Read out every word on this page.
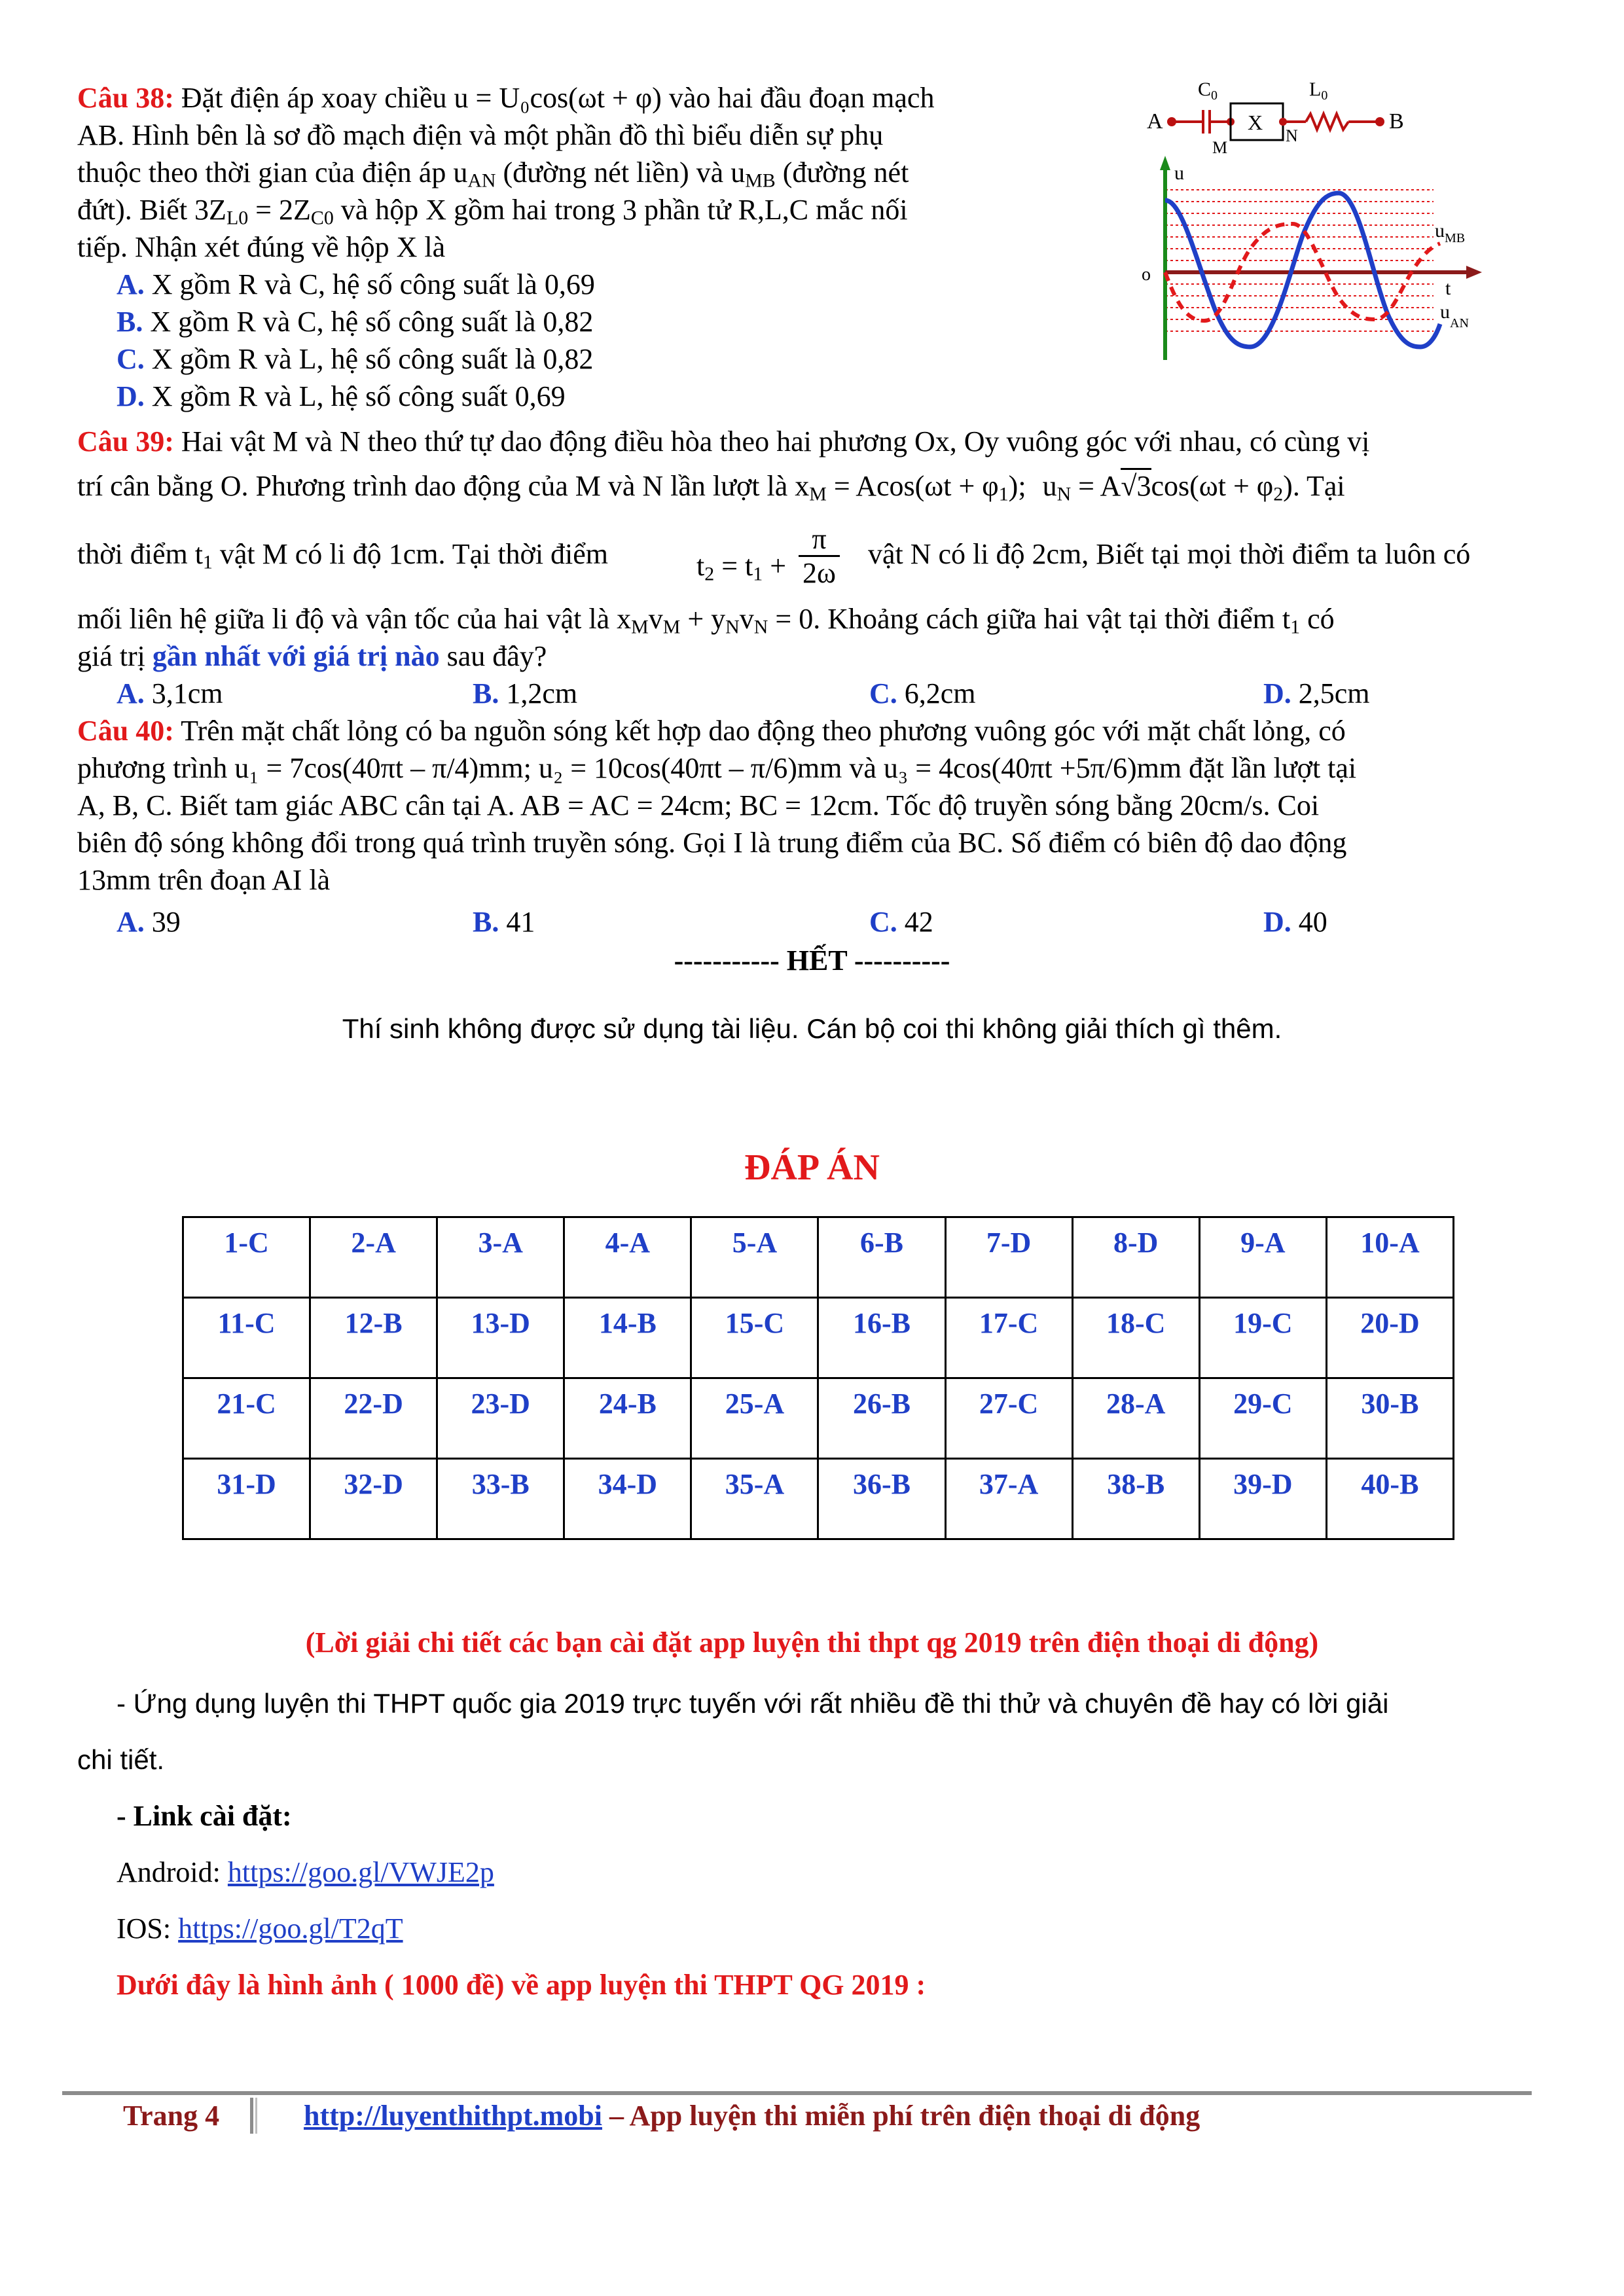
Câu 38: Đặt điện áp xoay chiều u = U₀cos(ωt + φ) vào hai đầu đoạn mạch
AB. Hình bên là sơ đồ mạch điện và một phần đồ thì biểu diễn sự phụ
thuộc theo thời gian của điện áp $u_{AN}$ (đường nét liền) và $u_{MB}$ (đường nét
đứt). Biết $3Z_{L0} = 2Z_{C0}$ và hộp X gồm hai trong 3 phần tử R,L,C mắc nối
tiếp. Nhận xét đúng về hộp X là
A. X gồm R và C, hệ số công suất là 0,69
B. X gồm R và C, hệ số công suất là 0,82
C. X gồm R và L, hệ số công suất là 0,82
D. X gồm R và L, hệ số công suất 0,69
A	B
$C_0$	$L_0$
X
M
N
u
t
o
$u_{MB}$
$u_{AN}$
Câu 39: Hai vật M và N theo thứ tự dao động điều hòa theo hai phương Ox, Oy vuông góc với nhau, có cùng vị
trí cân bằng O. Phương trình dao động của M và N lần lượt là $x_M = Acos(\omega t + \varphi_1)$; $u_N = A√3\cos(\omega t + \varphi_2)$. Tại
thời điểm $t_1$ vật M có li độ 1cm. Tại thời điểm	$t_2 = t_1 + \frac{\pi}{2\omega}$ vật N có li độ 2cm, Biết tại mọi thời điểm ta luôn có
mối liên hệ giữa li độ và vận tốc của hai vật là $x_Mv_M + y_Nv_N = 0$. Khoảng cách giữa hai vật tại thời điểm $t_1$ có
giá trị gần nhất với giá trị nào sau đây?
A. 3,1cm	B. 1,2cm	C. 6,2cm	D. 2,5cm
Câu 40: Trên mặt chất lỏng có ba nguồn sóng kết hợp dao động theo phương vuông góc với mặt chất lỏng, có
phương trình u₁ = 7cos(40πt – π/4)mm; u₂ = 10cos(40πt – π/6)mm và u₃ = 4cos(40πt +5π/6)mm đặt lần lượt tại
A, B, C. Biết tam giác ABC cân tại A. AB = AC = 24cm; BC = 12cm. Tốc độ truyền sóng bằng 20cm/s. Coi
biên độ sóng không đổi trong quá trình truyền sóng. Gọi I là trung điểm của BC. Số điểm có biên độ dao động
13mm trên đoạn AI là
A. 39	B. 41	C. 42	D. 40
----------- HẾT ----------
Thí sinh không được sử dụng tài liệu. Cán bộ coi thi không giải thích gì thêm.
ĐÁP ÁN
1-C	2-A	3-A	4-A	5-A	6-B	7-D	8-D	9-A	10-A
11-C	12-B	13-D	14-B	15-C	16-B	17-C	18-C	19-C	20-D
21-C	22-D	23-D	24-B	25-A	26-B	27-C	28-A	29-C	30-B
31-D	32-D	33-B	34-D	35-A	36-B	37-A	38-B	39-D	40-B
(Lời giải chi tiết các bạn cài đặt app luyện thi thpt qg 2019 trên điện thoại di động)
- Ứng dụng luyện thi THPT quốc gia 2019 trực tuyến với rất nhiều đề thi thử và chuyên đề hay có lời giải
chi tiết.
- Link cài đặt:
Android: https://goo.gl/VWJE2p
IOS: https://goo.gl/T2qT
Dưới đây là hình ảnh ( 1000 đề) về app luyện thi THPT QG 2019 :
Trang 4	http://luyenthithpt.mobi – App luyện thi miễn phí trên điện thoại di động
